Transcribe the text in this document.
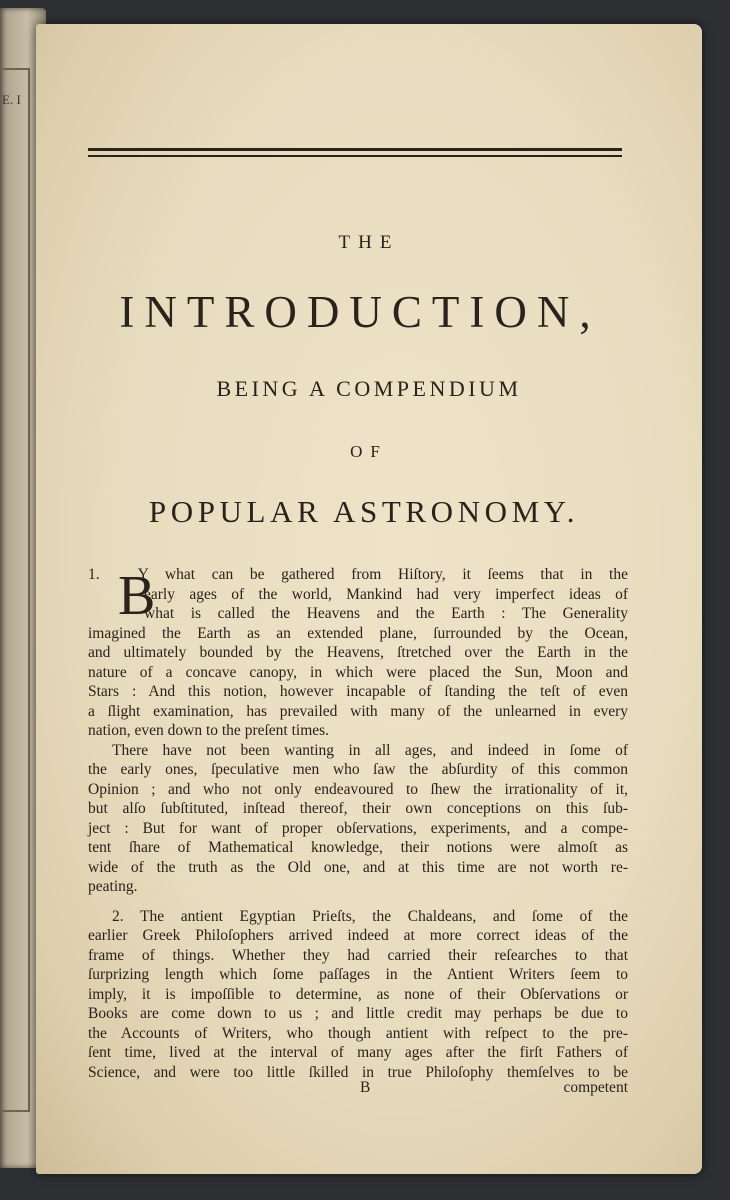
E. I
THE
INTRODUCTION,
BEING A COMPENDIUM
OF
POPULAR ASTRONOMY.
B
1. Y what can be gathered from Hiſtory, it ſeems that in the
early ages of the world, Mankind had very imperfect ideas of
what is called the Heavens and the Earth : The Generality
imagined the Earth as an extended plane, ſurrounded by the Ocean,
and ultimately bounded by the Heavens, ſtretched over the Earth in the
nature of a concave canopy, in which were placed the Sun, Moon and
Stars : And this notion, however incapable of ſtanding the teſt of even
a ſlight examination, has prevailed with many of the unlearned in every
nation, even down to the preſent times.
There have not been wanting in all ages, and indeed in ſome of
the early ones, ſpeculative men who ſaw the abſurdity of this common
Opinion ; and who not only endeavoured to ſhew the irrationality of it,
but alſo ſubſtituted, inſtead thereof, their own conceptions on this ſub-
ject : But for want of proper obſervations, experiments, and a compe-
tent ſhare of Mathematical knowledge, their notions were almoſt as
wide of the truth as the Old one, and at this time are not worth re-
peating.
2. The antient Egyptian Prieſts, the Chaldeans, and ſome of the
earlier Greek Philoſophers arrived indeed at more correct ideas of the
frame of things. Whether they had carried their reſearches to that
ſurprizing length which ſome paſſages in the Antient Writers ſeem to
imply, it is impoſſible to determine, as none of their Obſervations or
Books are come down to us ; and little credit may perhaps be due to
the Accounts of Writers, who though antient with reſpect to the pre-
ſent time, lived at the interval of many ages after the firſt Fathers of
Science, and were too little ſkilled in true Philoſophy themſelves to be
B	competent
